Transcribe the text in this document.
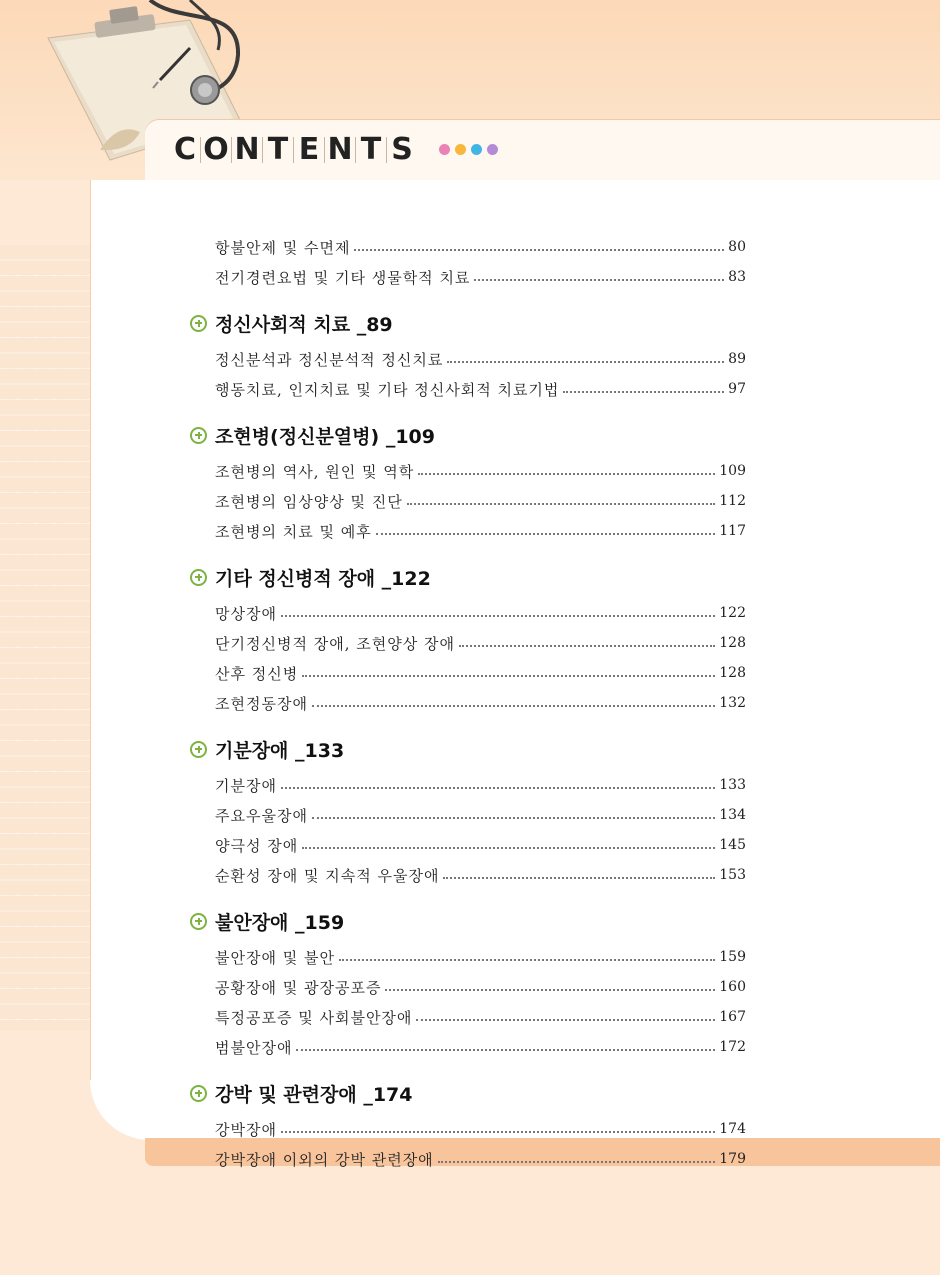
C O N T E N T S
항불안제 및 수면제	80
전기경련요법 및 기타 생물학적 치료	83
정신사회적 치료 _89
정신분석과 정신분석적 정신치료	89
행동치료, 인지치료 및 기타 정신사회적 치료기법	97
조현병(정신분열병) _109
조현병의 역사, 원인 및 역학	109
조현병의 임상양상 및 진단	112
조현병의 치료 및 예후	117
기타 정신병적 장애 _122
망상장애	122
단기정신병적 장애, 조현양상 장애	128
산후 정신병	128
조현정동장애	132
기분장애 _133
기분장애	133
주요우울장애	134
양극성 장애	145
순환성 장애 및 지속적 우울장애	153
불안장애 _159
불안장애 및 불안	159
공황장애 및 광장공포증	160
특정공포증 및 사회불안장애	167
범불안장애	172
강박 및 관련장애 _174
강박장애	174
강박장애 이외의 강박 관련장애	179
